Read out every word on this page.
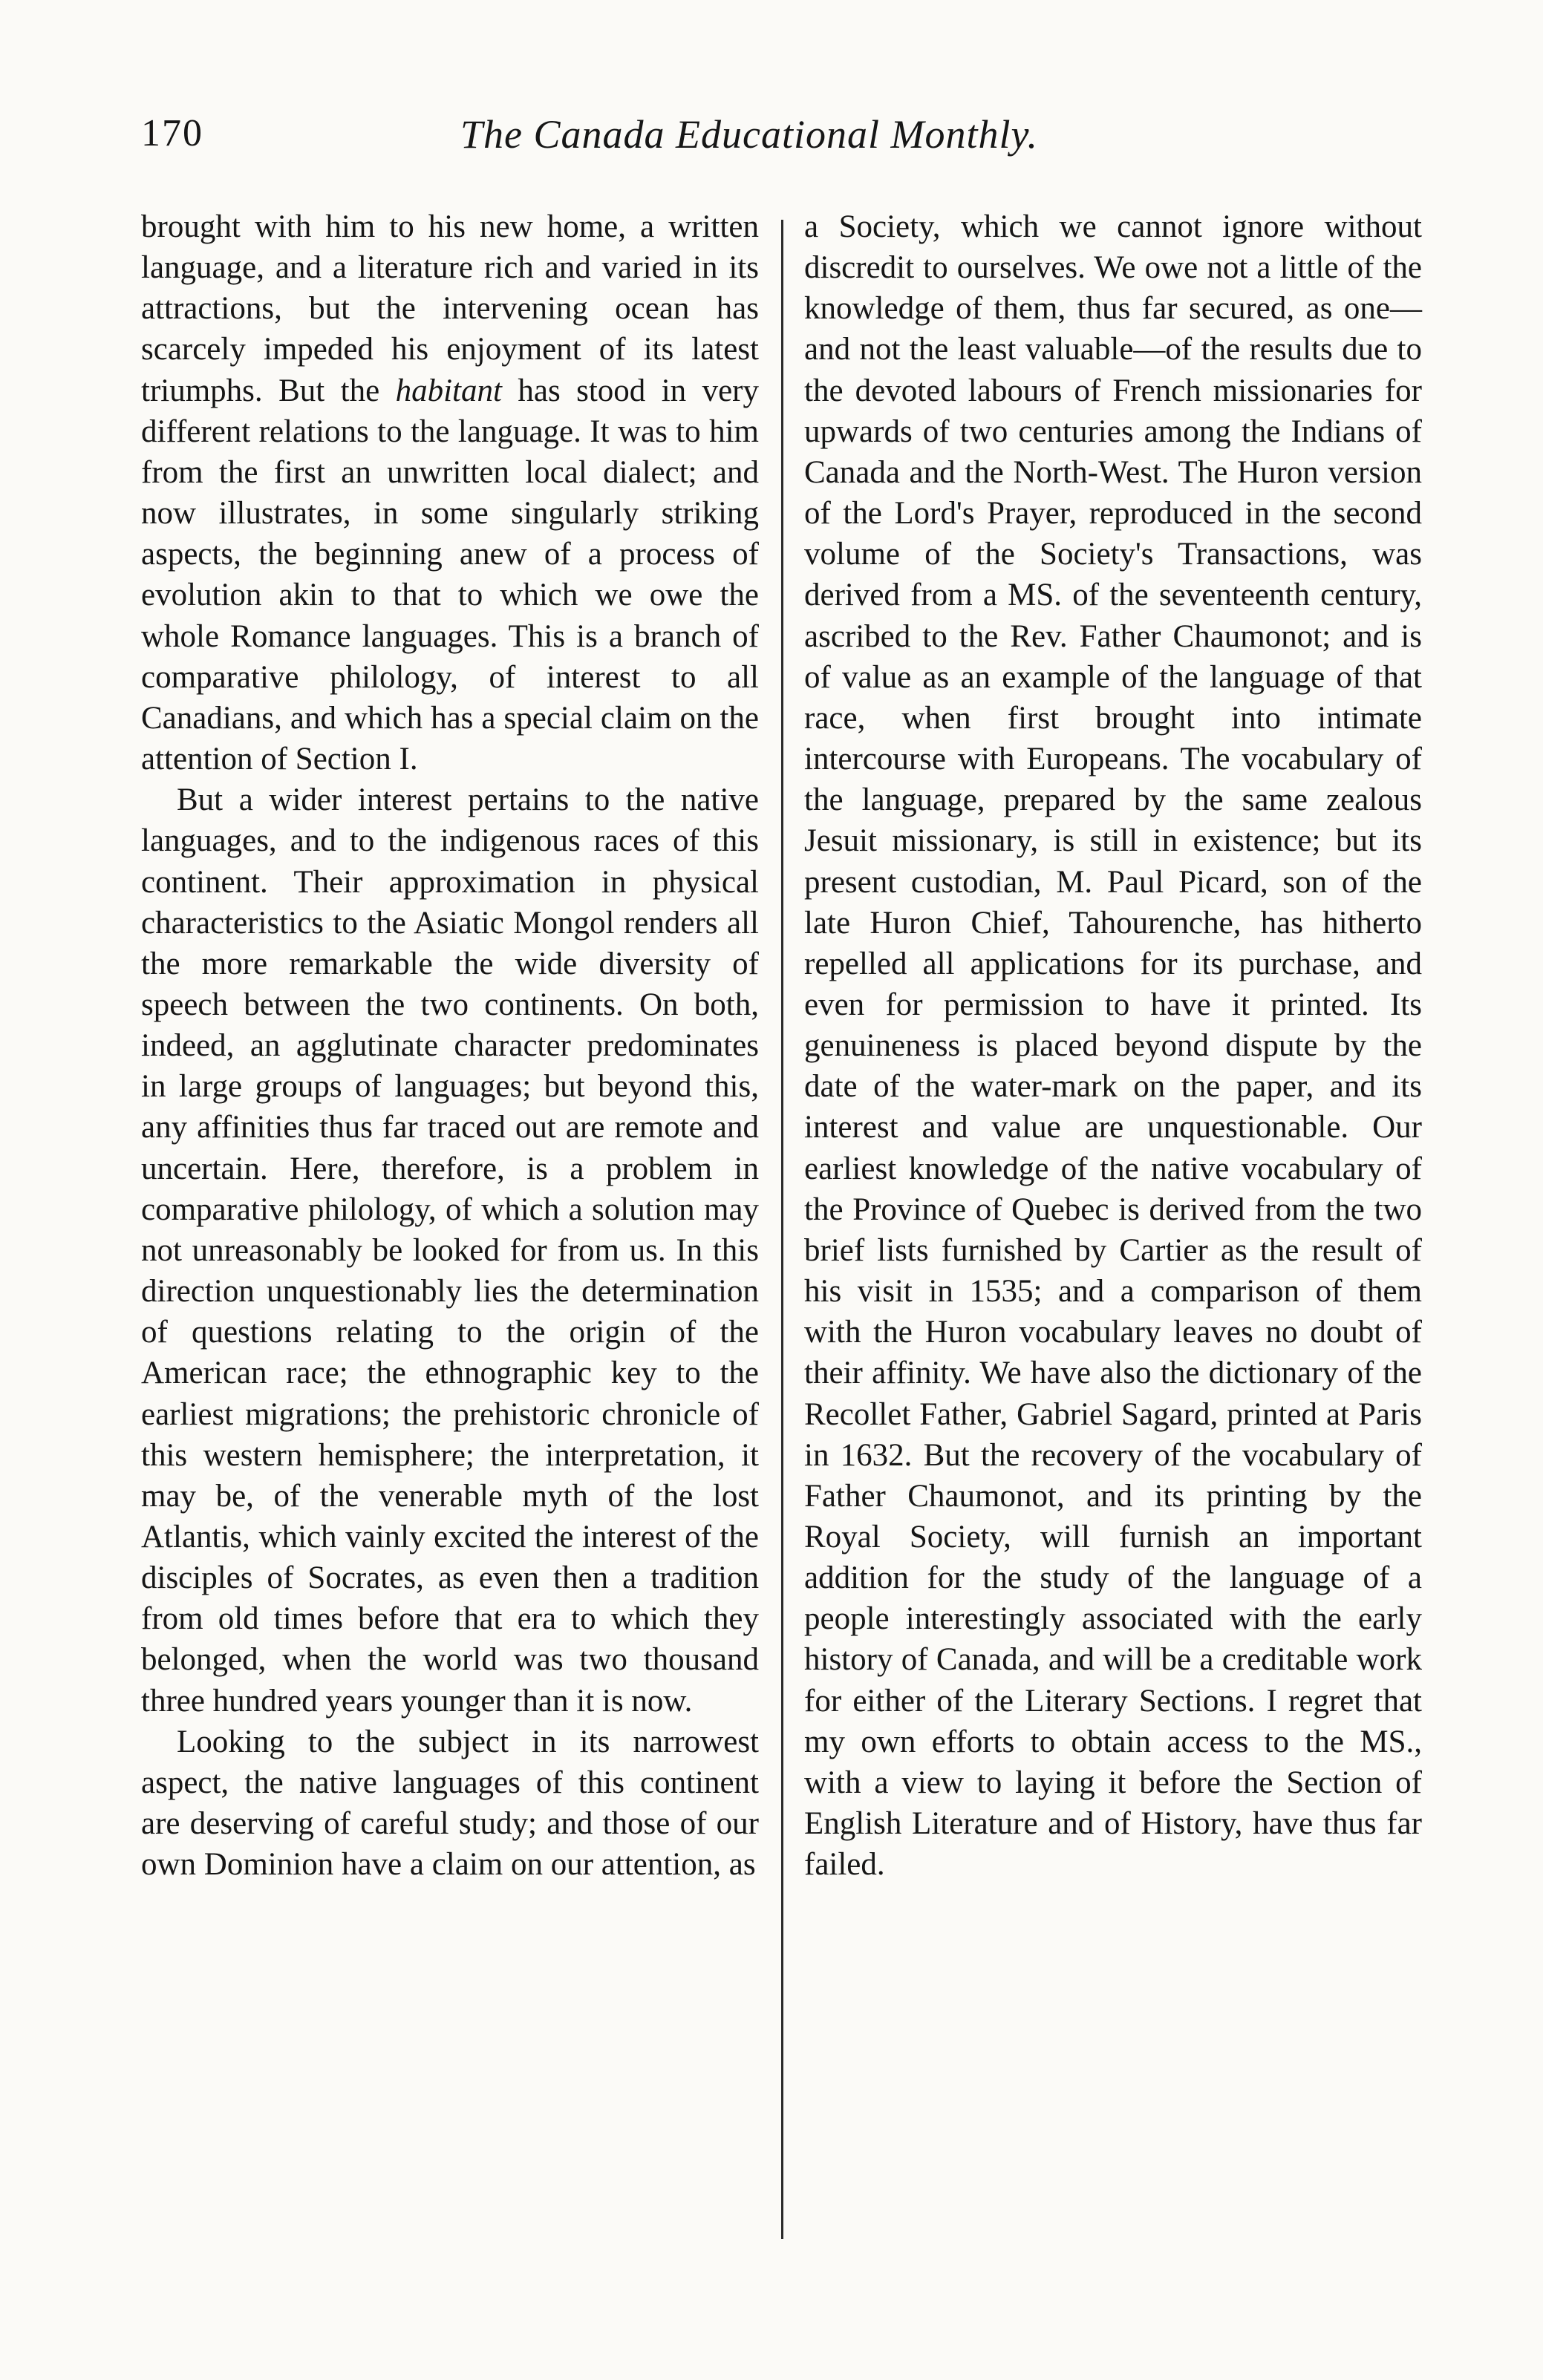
170	The Canada Educational Monthly.

brought with him to his new home, a written language, and a literature rich and varied in its attractions, but the intervening ocean has scarcely impeded his enjoyment of its latest triumphs. But the habitant has stood in very different relations to the language. It was to him from the first an unwritten local dialect; and now illustrates, in some singularly striking aspects, the beginning anew of a process of evolution akin to that to which we owe the whole Romance languages. This is a branch of comparative philology, of interest to all Canadians, and which has a special claim on the attention of Section I.

But a wider interest pertains to the native languages, and to the indigenous races of this continent. Their approximation in physical characteristics to the Asiatic Mongol renders all the more remarkable the wide diversity of speech between the two continents. On both, indeed, an agglutinate character predominates in large groups of languages; but beyond this, any affinities thus far traced out are remote and uncertain. Here, therefore, is a problem in comparative philology, of which a solution may not unreasonably be looked for from us. In this direction unquestionably lies the determination of questions relating to the origin of the American race; the ethnographic key to the earliest migrations; the prehistoric chronicle of this western hemisphere; the interpretation, it may be, of the venerable myth of the lost Atlantis, which vainly excited the interest of the disciples of Socrates, as even then a tradition from old times before that era to which they belonged, when the world was two thousand three hundred years younger than it is now.

Looking to the subject in its narrowest aspect, the native languages of this continent are deserving of careful study; and those of our own Dominion have a claim on our attention, as

a Society, which we cannot ignore without discredit to ourselves. We owe not a little of the knowledge of them, thus far secured, as one—and not the least valuable—of the results due to the devoted labours of French missionaries for upwards of two centuries among the Indians of Canada and the North-West. The Huron version of the Lord's Prayer, reproduced in the second volume of the Society's Transactions, was derived from a MS. of the seventeenth century, ascribed to the Rev. Father Chaumonot; and is of value as an example of the language of that race, when first brought into intimate intercourse with Europeans. The vocabulary of the language, prepared by the same zealous Jesuit missionary, is still in existence; but its present custodian, M. Paul Picard, son of the late Huron Chief, Tahourenche, has hitherto repelled all applications for its purchase, and even for permission to have it printed. Its genuineness is placed beyond dispute by the date of the water-mark on the paper, and its interest and value are unquestionable. Our earliest knowledge of the native vocabulary of the Province of Quebec is derived from the two brief lists furnished by Cartier as the result of his visit in 1535; and a comparison of them with the Huron vocabulary leaves no doubt of their affinity. We have also the dictionary of the Recollet Father, Gabriel Sagard, printed at Paris in 1632. But the recovery of the vocabulary of Father Chaumonot, and its printing by the Royal Society, will furnish an important addition for the study of the language of a people interestingly associated with the early history of Canada, and will be a creditable work for either of the Literary Sections. I regret that my own efforts to obtain access to the MS., with a view to laying it before the Section of English Literature and of History, have thus far failed.
